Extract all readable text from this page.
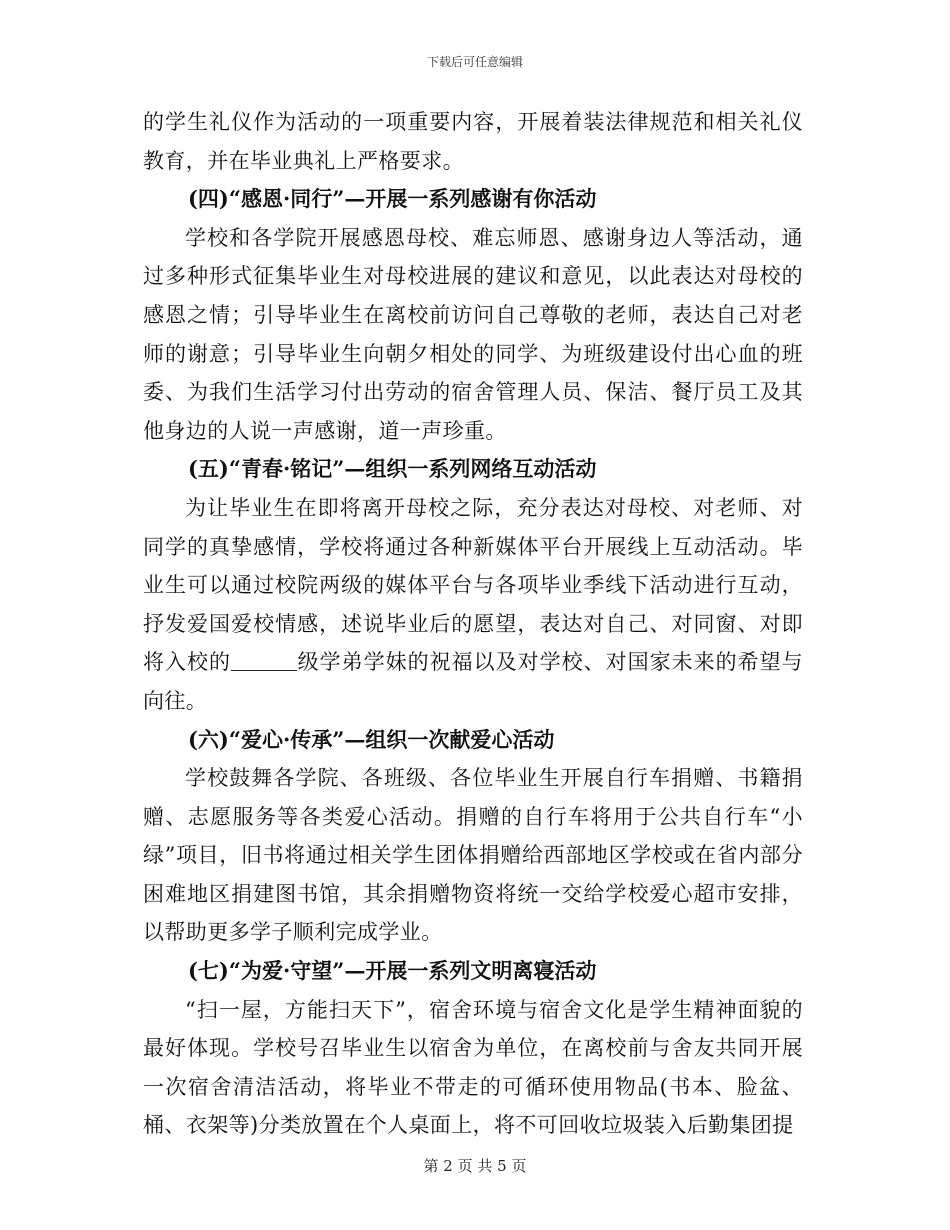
下载后可任意编辑

的学生礼仪作为活动的一项重要内容，开展着装法律规范和相关礼仪教育，并在毕业典礼上严格要求。

(四)“感恩·同行”—开展一系列感谢有你活动

学校和各学院开展感恩母校、难忘师恩、感谢身边人等活动，通过多种形式征集毕业生对母校进展的建议和意见，以此表达对母校的感恩之情；引导毕业生在离校前访问自己尊敬的老师，表达自己对老师的谢意；引导毕业生向朝夕相处的同学、为班级建设付出心血的班委、为我们生活学习付出劳动的宿舍管理人员、保洁、餐厅员工及其他身边的人说一声感谢，道一声珍重。

(五)“青春·铭记”—组织一系列网络互动活动

为让毕业生在即将离开母校之际，充分表达对母校、对老师、对同学的真挚感情，学校将通过各种新媒体平台开展线上互动活动。毕业生可以通过校院两级的媒体平台与各项毕业季线下活动进行互动，抒发爱国爱校情感，述说毕业后的愿望，表达对自己、对同窗、对即将入校的	级学弟学妹的祝福以及对学校、对国家未来的希望与向往。

(六)“爱心·传承”—组织一次献爱心活动

学校鼓舞各学院、各班级、各位毕业生开展自行车捐赠、书籍捐赠、志愿服务等各类爱心活动。捐赠的自行车将用于公共自行车“小绿”项目，旧书将通过相关学生团体捐赠给西部地区学校或在省内部分困难地区捐建图书馆，其余捐赠物资将统一交给学校爱心超市安排，以帮助更多学子顺利完成学业。

(七)“为爱·守望”—开展一系列文明离寝活动

“扫一屋，方能扫天下”，宿舍环境与宿舍文化是学生精神面貌的最好体现。学校号召毕业生以宿舍为单位，在离校前与舍友共同开展一次宿舍清洁活动，将毕业不带走的可循环使用物品(书本、脸盆、桶、衣架等)分类放置在个人桌面上，将不可回收垃圾装入后勤集团提

第 2 页 共 5 页
